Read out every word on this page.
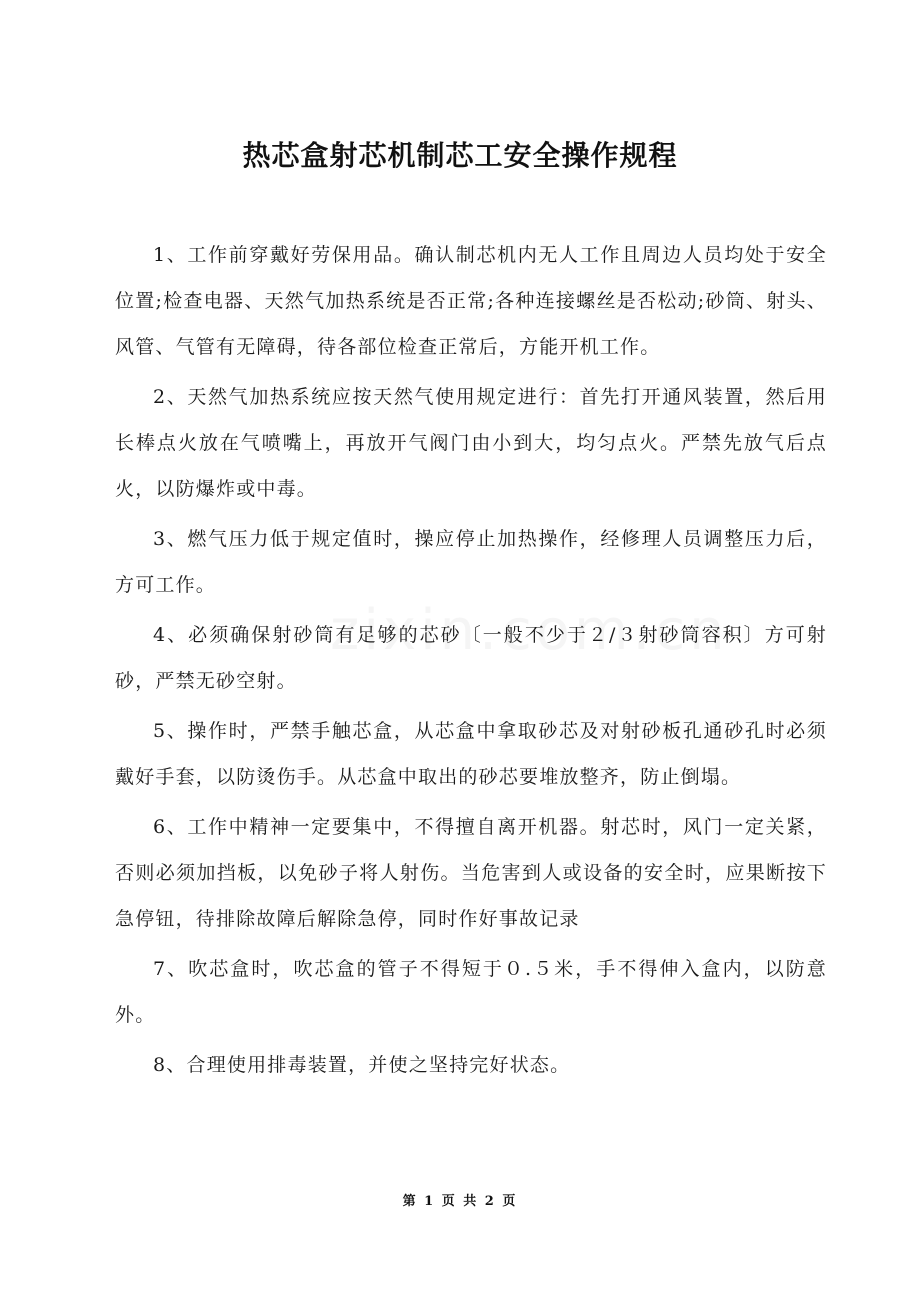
热芯盒射芯机制芯工安全操作规程

1、工作前穿戴好劳保用品。确认制芯机内无人工作且周边人员均处于安全位置;检查电器、天然气加热系统是否正常;各种连接螺丝是否松动;砂筒、射头、风管、气管有无障碍，待各部位检查正常后，方能开机工作。

2、天然气加热系统应按天然气使用规定进行：首先打开通风装置，然后用长棒点火放在气喷嘴上，再放开气阀门由小到大，均匀点火。严禁先放气后点火，以防爆炸或中毒。

3、燃气压力低于规定值时，操应停止加热操作，经修理人员调整压力后，方可工作。

4、必须确保射砂筒有足够的芯砂〔一般不少于２/３射砂筒容积〕方可射砂，严禁无砂空射。

5、操作时，严禁手触芯盒，从芯盒中拿取砂芯及对射砂板孔通砂孔时必须戴好手套，以防烫伤手。从芯盒中取出的砂芯要堆放整齐，防止倒塌。

6、工作中精神一定要集中，不得擅自离开机器。射芯时，风门一定关紧，否则必须加挡板，以免砂子将人射伤。当危害到人或设备的安全时，应果断按下急停钮，待排除故障后解除急停，同时作好事故记录

7、吹芯盒时，吹芯盒的管子不得短于０.５米，手不得伸入盒内，以防意外。

8、合理使用排毒装置，并使之坚持完好状态。

第 1 页 共 2 页
